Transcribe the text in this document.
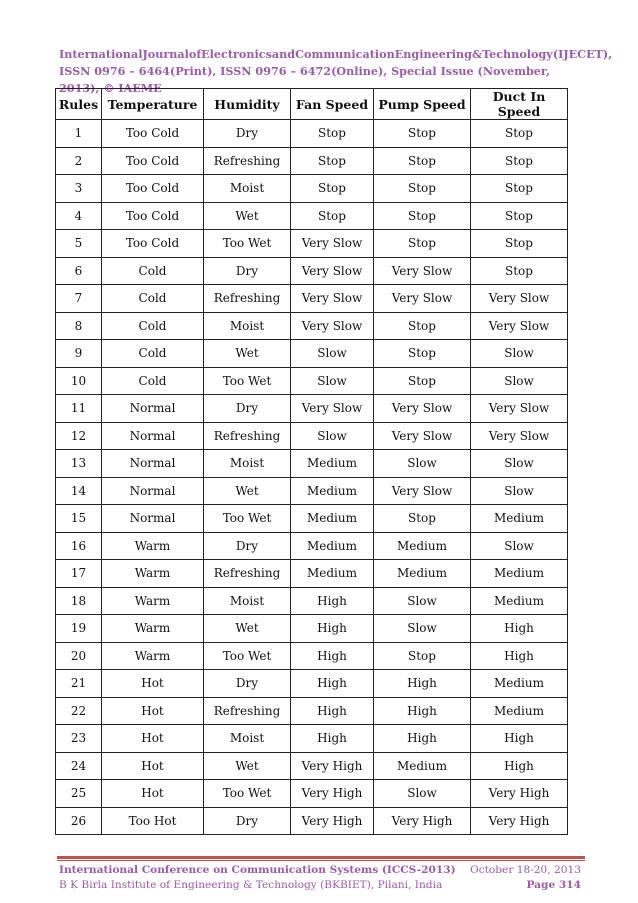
International Journal of Electronics and Communication Engineering & Technology (IJECET),
ISSN 0976 – 6464(Print), ISSN 0976 – 6472(Online), Special Issue (November, 2013), © IAEME
Rules	Temperature	Humidity	Fan Speed	Pump Speed	Duct In Speed
1	Too Cold	Dry	Stop	Stop	Stop
2	Too Cold	Refreshing	Stop	Stop	Stop
3	Too Cold	Moist	Stop	Stop	Stop
4	Too Cold	Wet	Stop	Stop	Stop
5	Too Cold	Too Wet	Very Slow	Stop	Stop
6	Cold	Dry	Very Slow	Very Slow	Stop
7	Cold	Refreshing	Very Slow	Very Slow	Very Slow
8	Cold	Moist	Very Slow	Stop	Very Slow
9	Cold	Wet	Slow	Stop	Slow
10	Cold	Too Wet	Slow	Stop	Slow
11	Normal	Dry	Very Slow	Very Slow	Very Slow
12	Normal	Refreshing	Slow	Very Slow	Very Slow
13	Normal	Moist	Medium	Slow	Slow
14	Normal	Wet	Medium	Very Slow	Slow
15	Normal	Too Wet	Medium	Stop	Medium
16	Warm	Dry	Medium	Medium	Slow
17	Warm	Refreshing	Medium	Medium	Medium
18	Warm	Moist	High	Slow	Medium
19	Warm	Wet	High	Slow	High
20	Warm	Too Wet	High	Stop	High
21	Hot	Dry	High	High	Medium
22	Hot	Refreshing	High	High	Medium
23	Hot	Moist	High	High	High
24	Hot	Wet	Very High	Medium	High
25	Hot	Too Wet	Very High	Slow	Very High
26	Too Hot	Dry	Very High	Very High	Very High
International Conference on Communication Systems (ICCS-2013) October 18-20, 2013
B K Birla Institute of Engineering & Technology (BKBIET), Pilani, India	Page 314
